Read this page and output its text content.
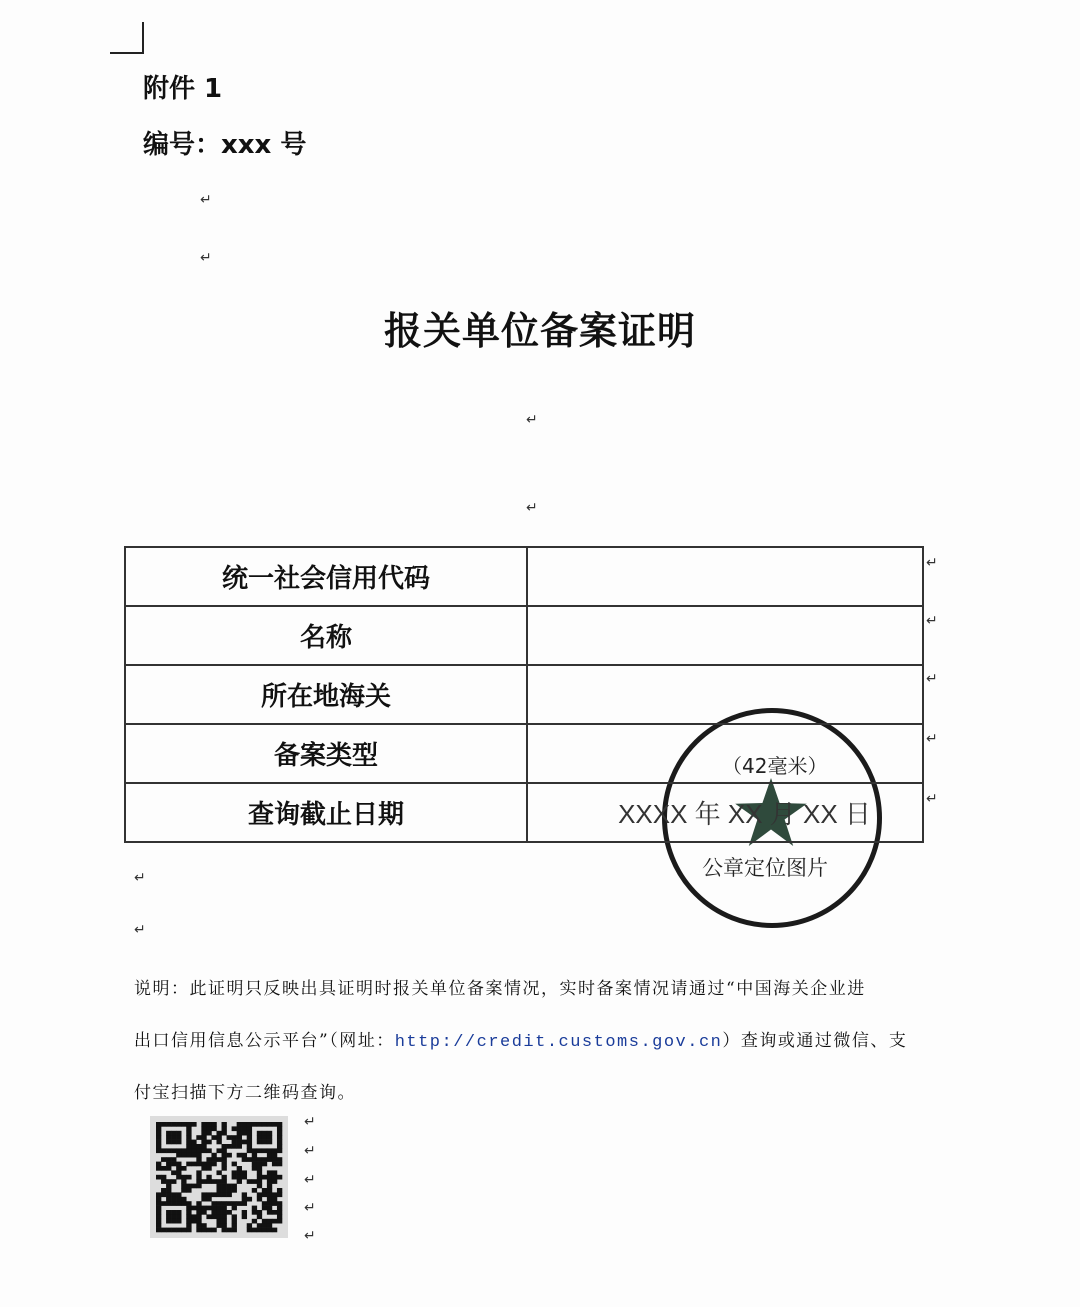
附件 1
编号：xxx 号
↵
↵
报关单位备案证明
↵
↵
统一社会信用代码	
名称	
所在地海关	
备案类型	
查询截止日期	XXXX 年 XX 月 XX 日
↵
↵
↵
↵
↵
（42毫米）
公章定位图片
↵
↵
说明：此证明只反映出具证明时报关单位备案情况，实时备案情况请通过“中国海关企业进
出口信用信息公示平台”（网址：http://credit.customs.gov.cn）查询或通过微信、支
付宝扫描下方二维码查询。
↵
↵
↵
↵
↵
